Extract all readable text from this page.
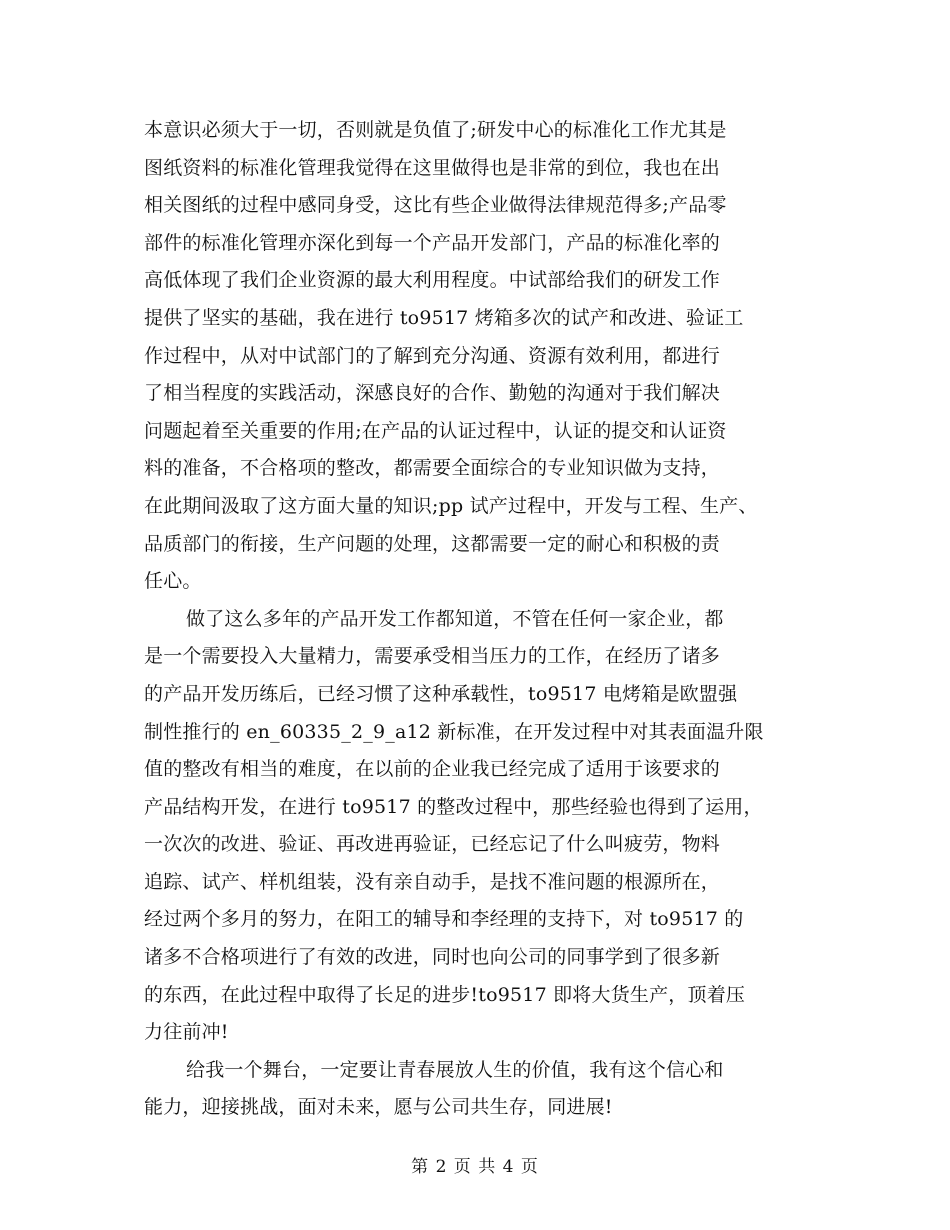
本意识必须大于一切，否则就是负值了;研发中心的标准化工作尤其是
图纸资料的标准化管理我觉得在这里做得也是非常的到位，我也在出
相关图纸的过程中感同身受，这比有些企业做得法律规范得多;产品零
部件的标准化管理亦深化到每一个产品开发部门，产品的标准化率的
高低体现了我们企业资源的最大利用程度。中试部给我们的研发工作
提供了坚实的基础，我在进行 to9517 烤箱多次的试产和改进、验证工
作过程中，从对中试部门的了解到充分沟通、资源有效利用，都进行
了相当程度的实践活动，深感良好的合作、勤勉的沟通对于我们解决
问题起着至关重要的作用;在产品的认证过程中，认证的提交和认证资
料的准备，不合格项的整改，都需要全面综合的专业知识做为支持，
在此期间汲取了这方面大量的知识;pp 试产过程中，开发与工程、生产、
品质部门的衔接，生产问题的处理，这都需要一定的耐心和积极的责
任心。
做了这么多年的产品开发工作都知道，不管在任何一家企业，都
是一个需要投入大量精力，需要承受相当压力的工作，在经历了诸多
的产品开发历练后，已经习惯了这种承载性，to9517 电烤箱是欧盟强
制性推行的 en_60335_2_9_a12 新标准，在开发过程中对其表面温升限
值的整改有相当的难度，在以前的企业我已经完成了适用于该要求的
产品结构开发，在进行 to9517 的整改过程中，那些经验也得到了运用，
一次次的改进、验证、再改进再验证，已经忘记了什么叫疲劳，物料
追踪、试产、样机组装，没有亲自动手，是找不准问题的根源所在，
经过两个多月的努力，在阳工的辅导和李经理的支持下，对 to9517 的
诸多不合格项进行了有效的改进，同时也向公司的同事学到了很多新
的东西，在此过程中取得了长足的进步!to9517 即将大货生产，顶着压
力往前冲!
给我一个舞台，一定要让青春展放人生的价值，我有这个信心和
能力，迎接挑战，面对未来，愿与公司共生存，同进展!
第 2 页 共 4 页
